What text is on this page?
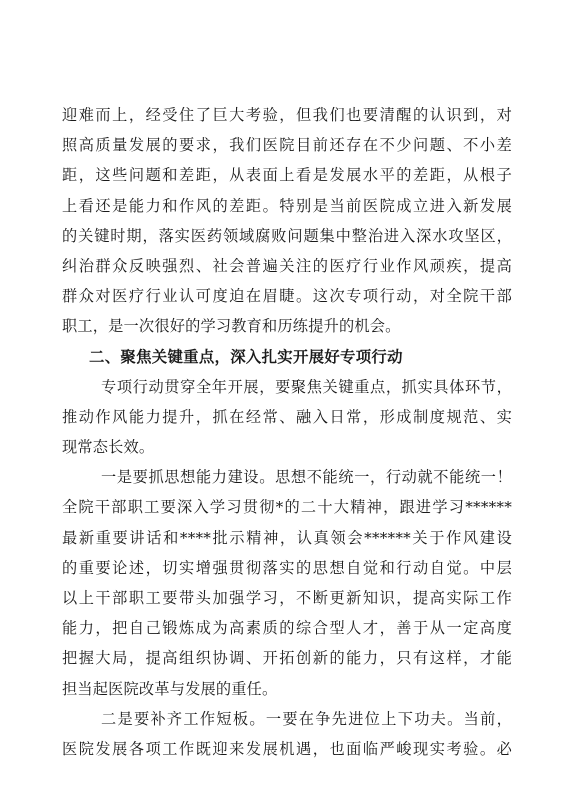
迎难而上，经受住了巨大考验，但我们也要清醒的认识到，对
照高质量发展的要求，我们医院目前还存在不少问题、不小差
距，这些问题和差距，从表面上看是发展水平的差距，从根子
上看还是能力和作风的差距。特别是当前医院成立进入新发展
的关键时期，落实医药领域腐败问题集中整治进入深水攻坚区，
纠治群众反映强烈、社会普遍关注的医疗行业作风顽疾，提高
群众对医疗行业认可度迫在眉睫。这次专项行动，对全院干部
职工，是一次很好的学习教育和历练提升的机会。
二、聚焦关键重点，深入扎实开展好专项行动
专项行动贯穿全年开展，要聚焦关键重点，抓实具体环节，
推动作风能力提升，抓在经常、融入日常，形成制度规范、实
现常态长效。
一是要抓思想能力建设。思想不能统一，行动就不能统一！
全院干部职工要深入学习贯彻*的二十大精神，跟进学习******
最新重要讲话和****批示精神，认真领会******关于作风建设
的重要论述，切实增强贯彻落实的思想自觉和行动自觉。中层
以上干部职工要带头加强学习，不断更新知识，提高实际工作
能力，把自己锻炼成为高素质的综合型人才，善于从一定高度
把握大局，提高组织协调、开拓创新的能力，只有这样，才能
担当起医院改革与发展的重任。
二是要补齐工作短板。一要在争先进位上下功夫。当前，
医院发展各项工作既迎来发展机遇，也面临严峻现实考验。必
